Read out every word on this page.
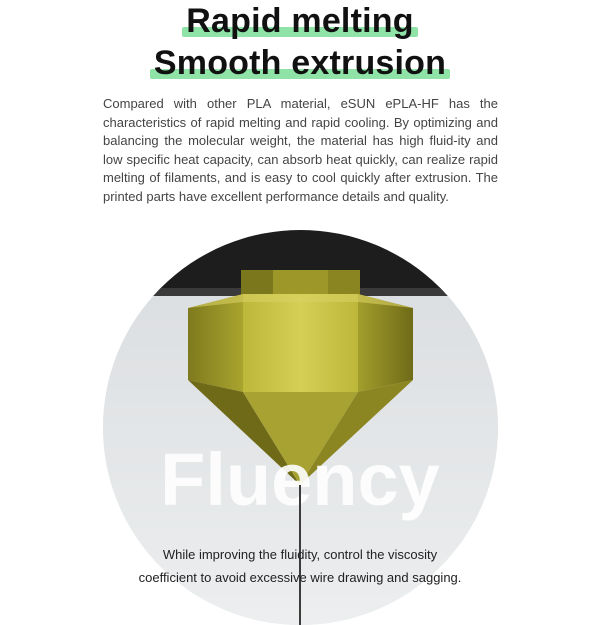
Rapid melting
Smooth extrusion
Compared with other PLA material, eSUN ePLA-HF has the characteristics of rapid melting and rapid cooling. By optimizing and balancing the molecular weight, the material has high fluid-ity and low specific heat capacity, can absorb heat quickly, can realize rapid melting of filaments, and is easy to cool quickly after extrusion. The printed parts have excellent performance details and quality.
Fluency
While improving the fluidity, control the viscosity
coefficient to avoid excessive wire drawing and sagging.
